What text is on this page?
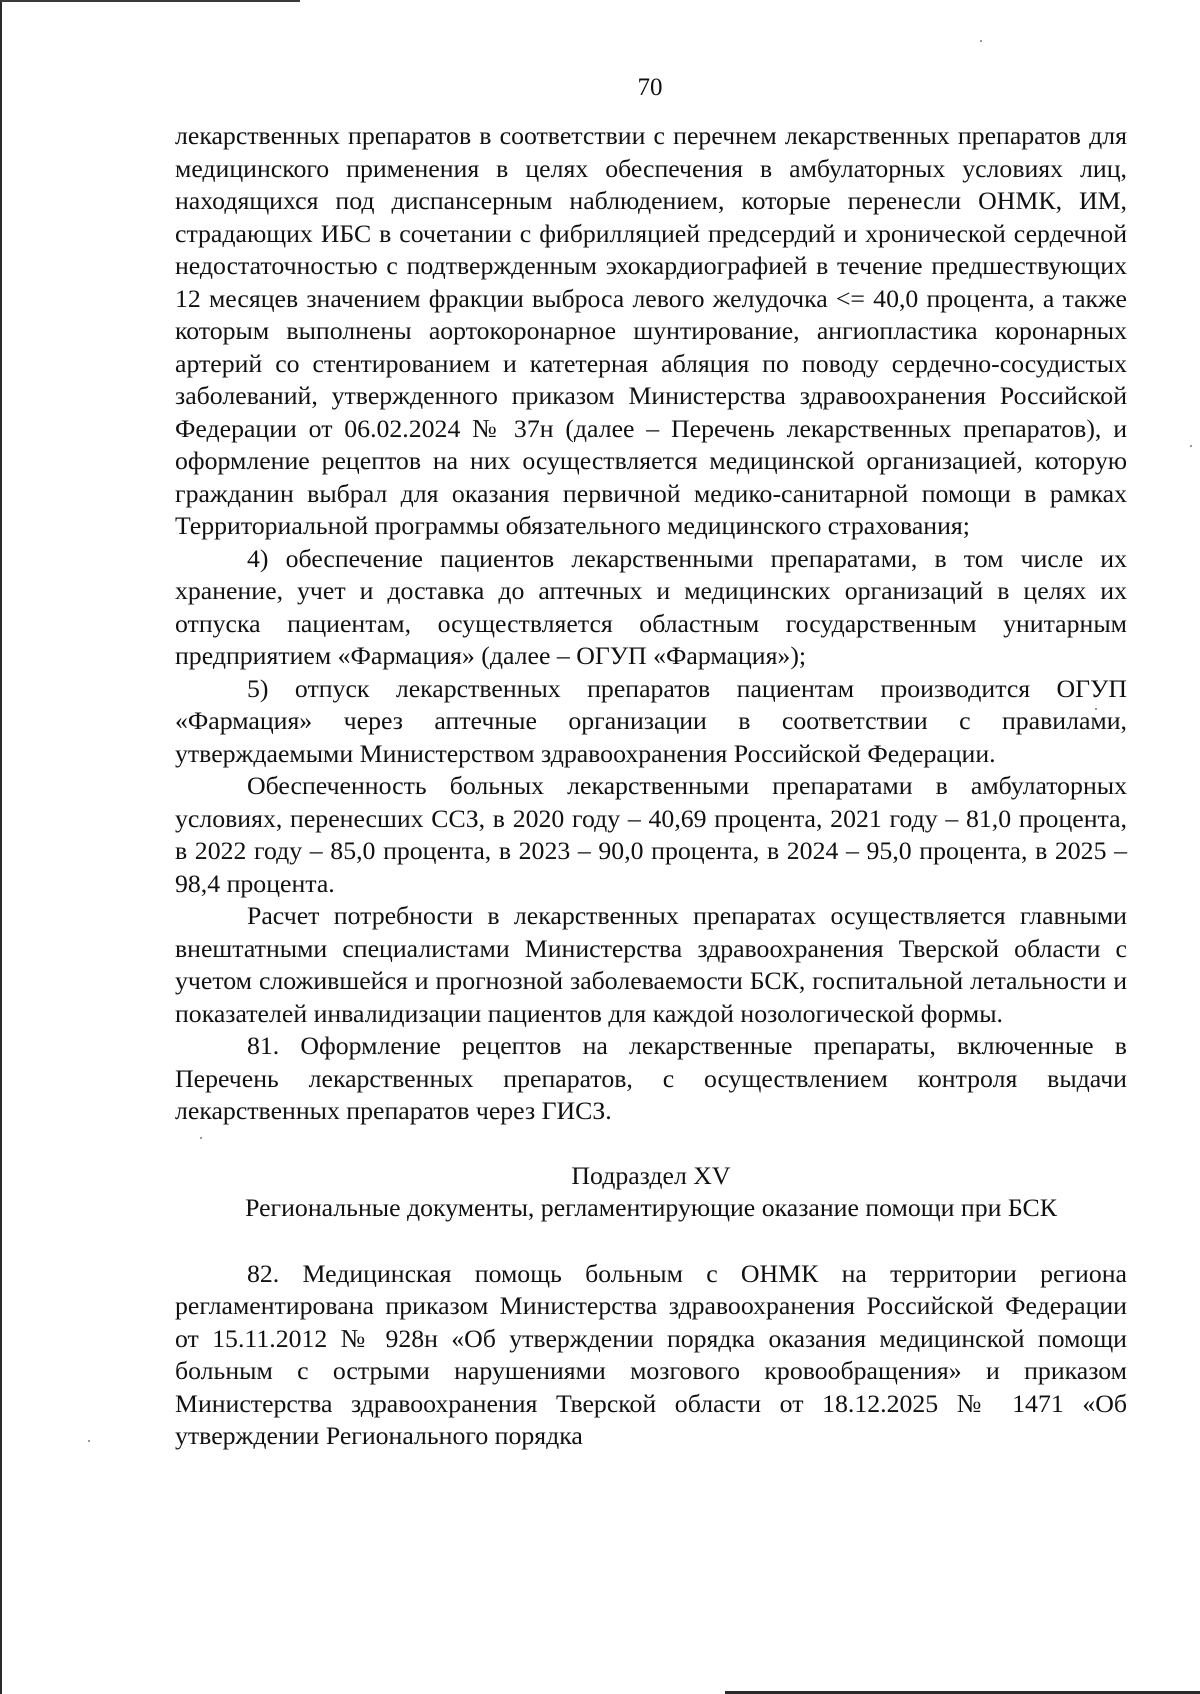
70

лекарственных препаратов в соответствии с перечнем лекарственных препаратов для медицинского применения в целях обеспечения в амбулаторных условиях лиц, находящихся под диспансерным наблюдением, которые перенесли ОНМК, ИМ, страдающих ИБС в сочетании с фибрилляцией предсердий и хронической сердечной недостаточностью с подтвержденным эхокардиографией в течение предшествующих 12 месяцев значением фракции выброса левого желудочка <= 40,0 процента, а также которым выполнены аортокоронарное шунтирование, ангиопластика коронарных артерий со стентированием и катетерная абляция по поводу сердечно-сосудистых заболеваний, утвержденного приказом Министерства здравоохранения Российской Федерации от 06.02.2024 № 37н (далее – Перечень лекарственных препаратов), и оформление рецептов на них осуществляется медицинской организацией, которую гражданин выбрал для оказания первичной медико-санитарной помощи в рамках Территориальной программы обязательного медицинского страхования;

4) обеспечение пациентов лекарственными препаратами, в том числе их хранение, учет и доставка до аптечных и медицинских организаций в целях их отпуска пациентам, осуществляется областным государственным унитарным предприятием «Фармация» (далее – ОГУП «Фармация»);

5) отпуск лекарственных препаратов пациентам производится ОГУП «Фармация» через аптечные организации в соответствии с правилами, утверждаемыми Министерством здравоохранения Российской Федерации.

Обеспеченность больных лекарственными препаратами в амбулаторных условиях, перенесших ССЗ, в 2020 году – 40,69 процента, 2021 году – 81,0 процента, в 2022 году – 85,0 процента, в 2023 – 90,0 процента, в 2024 – 95,0 процента, в 2025 – 98,4 процента.

Расчет потребности в лекарственных препаратах осуществляется главными внештатными специалистами Министерства здравоохранения Тверской области с учетом сложившейся и прогнозной заболеваемости БСК, госпитальной летальности и показателей инвалидизации пациентов для каждой нозологической формы.

81. Оформление рецептов на лекарственные препараты, включенные в Перечень лекарственных препаратов, с осуществлением контроля выдачи лекарственных препаратов через ГИСЗ.

Подраздел XV

Региональные документы, регламентирующие оказание помощи при БСК

82. Медицинская помощь больным с ОНМК на территории региона регламентирована приказом Министерства здравоохранения Российской Федерации от 15.11.2012 № 928н «Об утверждении порядка оказания медицинской помощи больным с острыми нарушениями мозгового кровообращения» и приказом Министерства здравоохранения Тверской области от 18.12.2025 № 1471 «Об утверждении Регионального порядка
